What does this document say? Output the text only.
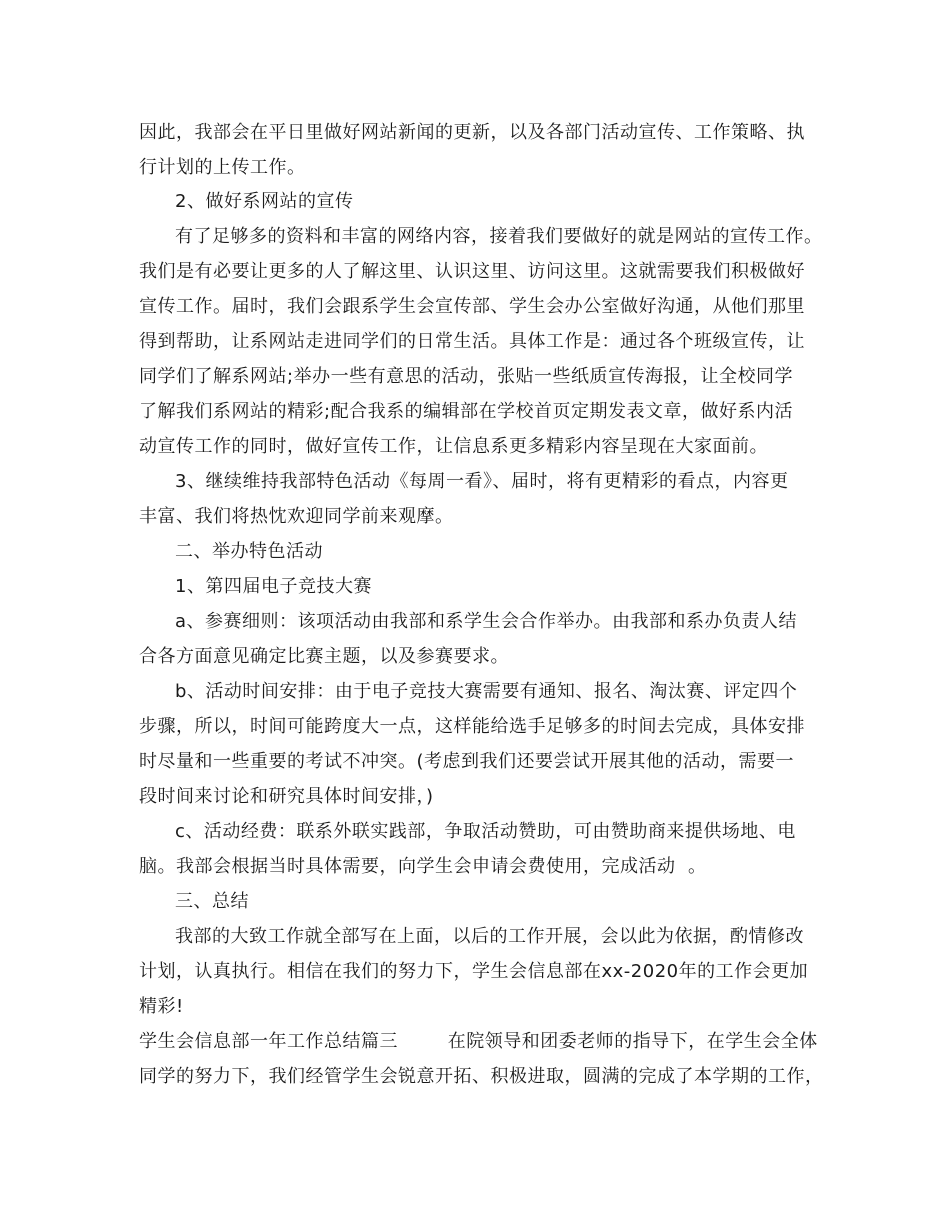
因此，我部会在平日里做好网站新闻的更新，以及各部门活动宣传、工作策略、执
行计划的上传工作。
2、做好系网站的宣传
有了足够多的资料和丰富的网络内容，接着我们要做好的就是网站的宣传工作。
我们是有必要让更多的人了解这里、认识这里、访问这里。这就需要我们积极做好
宣传工作。届时，我们会跟系学生会宣传部、学生会办公室做好沟通，从他们那里
得到帮助，让系网站走进同学们的日常生活。具体工作是：通过各个班级宣传，让
同学们了解系网站;举办一些有意思的活动，张贴一些纸质宣传海报，让全校同学
了解我们系网站的精彩;配合我系的编辑部在学校首页定期发表文章，做好系内活
动宣传工作的同时，做好宣传工作，让信息系更多精彩内容呈现在大家面前。
3、继续维持我部特色活动《每周一看》、届时，将有更精彩的看点，内容更
丰富、我们将热忱欢迎同学前来观摩。
二、举办特色活动
1、第四届电子竞技大赛
a、参赛细则：该项活动由我部和系学生会合作举办。由我部和系办负责人结
合各方面意见确定比赛主题，以及参赛要求。
b、活动时间安排：由于电子竞技大赛需要有通知、报名、淘汰赛、评定四个
步骤，所以，时间可能跨度大一点，这样能给选手足够多的时间去完成，具体安排
时尽量和一些重要的考试不冲突。(考虑到我们还要尝试开展其他的活动，需要一
段时间来讨论和研究具体时间安排，)
c、活动经费：联系外联实践部，争取活动赞助，可由赞助商来提供场地、电
脑。我部会根据当时具体需要，向学生会申请会费使用，完成活动  。
三、总结
我部的大致工作就全部写在上面，以后的工作开展，会以此为依据，酌情修改
计划，认真执行。相信在我们的努力下，学生会信息部在xx-2020年的工作会更加
精彩!
学生会信息部一年工作总结篇三        在院领导和团委老师的指导下，在学生会全体
同学的努力下，我们经管学生会锐意开拓、积极进取，圆满的完成了本学期的工作，
